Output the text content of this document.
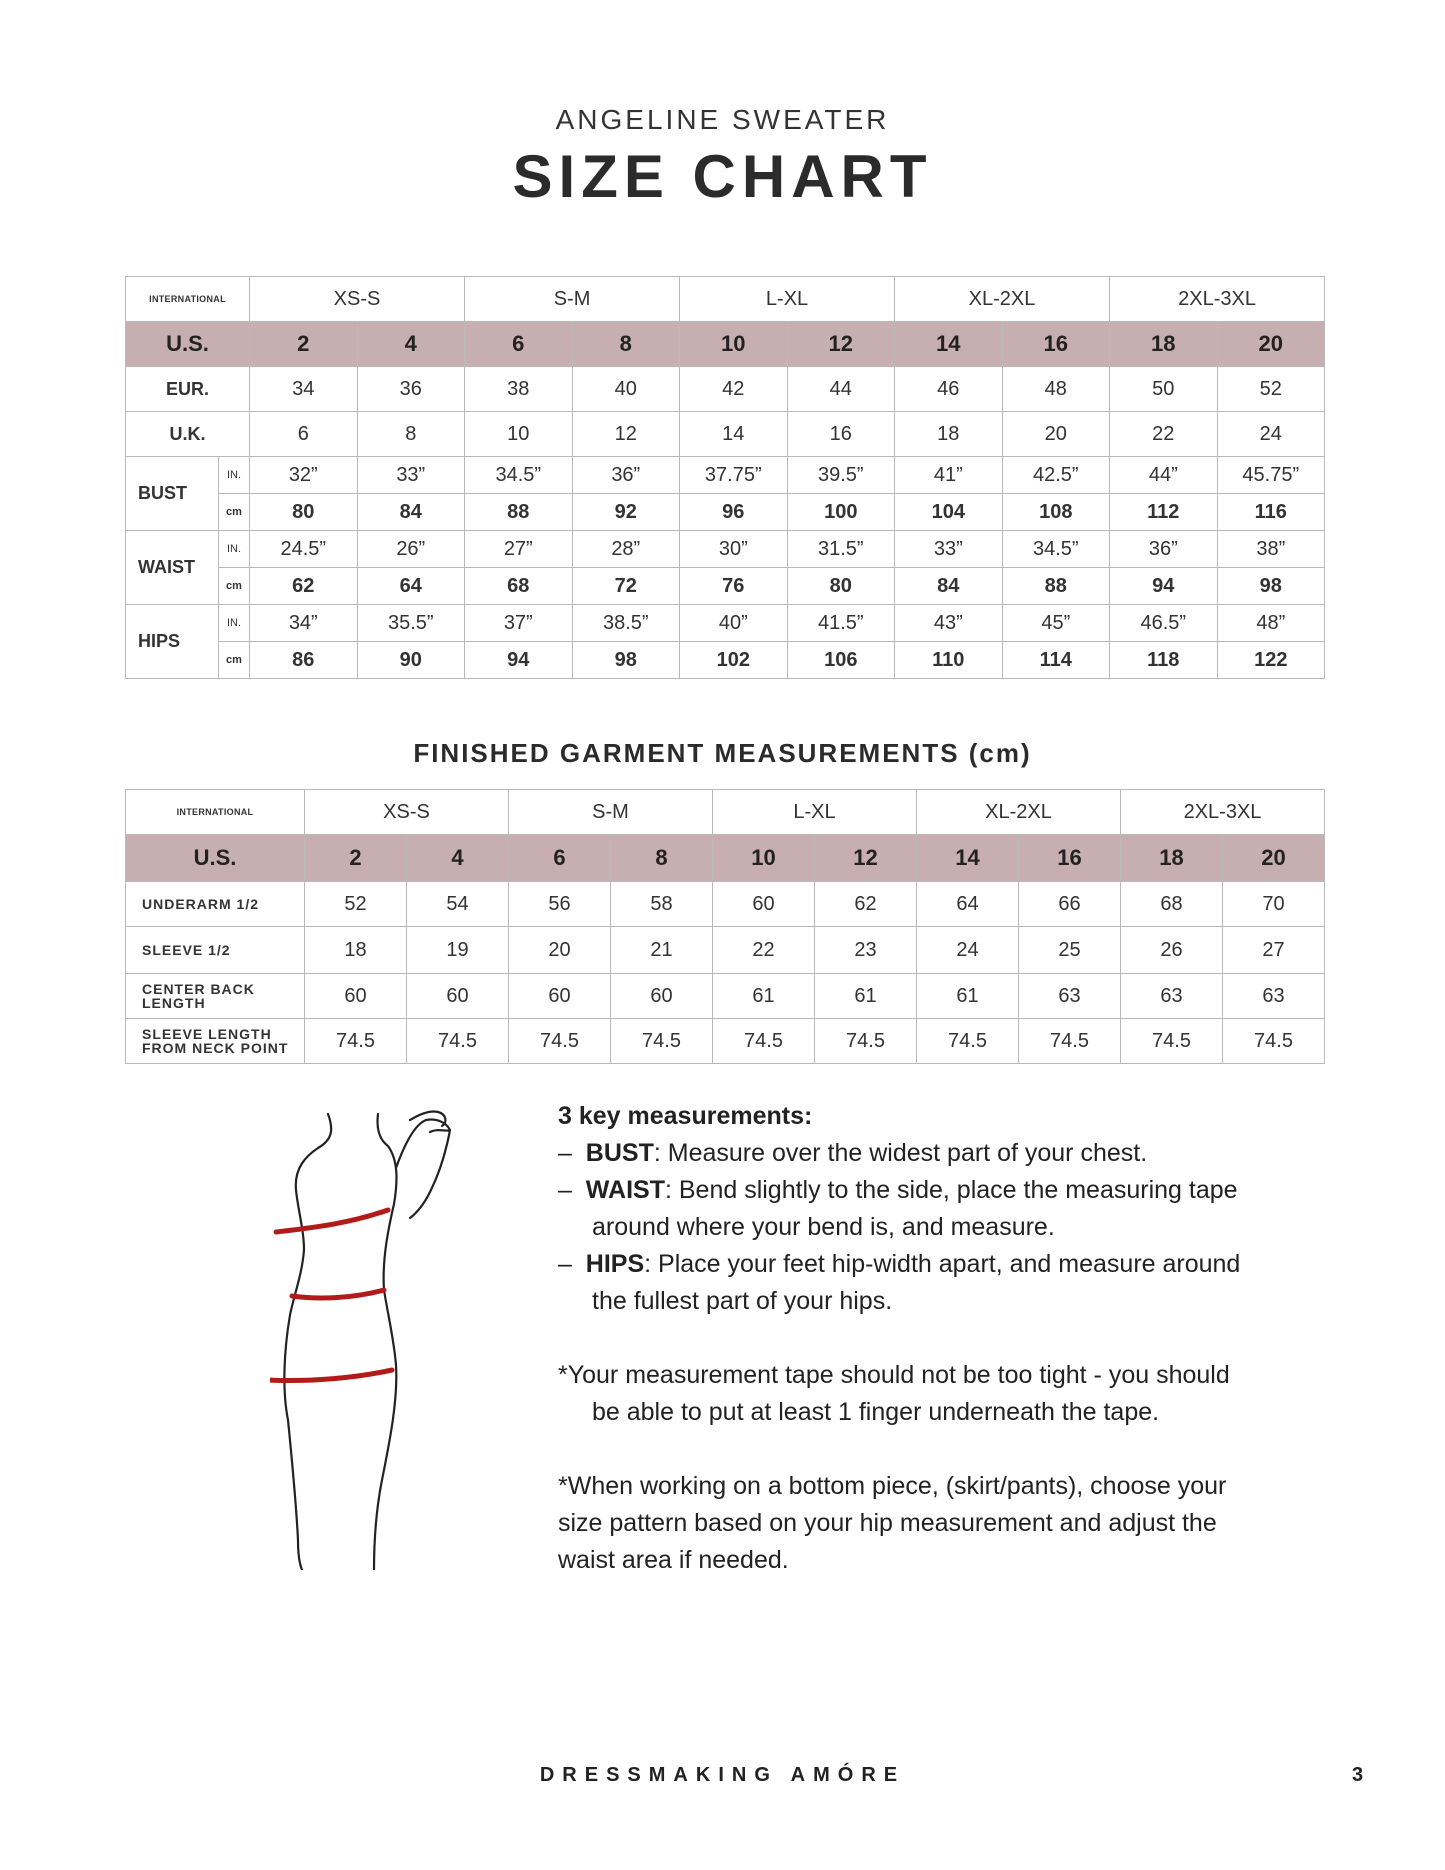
ANGELINE SWEATER
SIZE CHART
INTERNATIONAL		XS-S		S-M		L-XL		XL-2XL		2XL-3XL	
U.S.		2	4	6	8	10	12	14	16	18	20
EUR.		34	36	38	40	42	44	46	48	50	52
U.K.		6	8	10	12	14	16	18	20	22	24
BUST	IN.	32”	33”	34.5”	36”	37.75”	39.5”	41”	42.5”	44”	45.75”
	cm	80	84	88	92	96	100	104	108	112	116
WAIST	IN.	24.5”	26”	27”	28”	30”	31.5”	33”	34.5”	36”	38”
	cm	62	64	68	72	76	80	84	88	94	98
HIPS	IN.	34”	35.5”	37”	38.5”	40”	41.5”	43”	45”	46.5”	48”
	cm	86	90	94	98	102	106	110	114	118	122
FINISHED GARMENT MEASUREMENTS (cm)
INTERNATIONAL	XS-S		S-M		L-XL		XL-2XL		2XL-3XL	
U.S.	2	4	6	8	10	12	14	16	18	20
UNDERARM 1/2	52	54	56	58	60	62	64	66	68	70
SLEEVE 1/2	18	19	20	21	22	23	24	25	26	27
CENTER BACK
LENGTH	60	60	60	60	61	61	61	63	63	63
SLEEVE LENGTH
FROM NECK POINT	74.5	74.5	74.5	74.5	74.5	74.5	74.5	74.5	74.5	74.5

3 key measurements:

–  BUST: Measure over the widest part of your chest.

–  WAIST: Bend slightly to the side, place the measuring tape

around where your bend is, and measure.

–  HIPS: Place your feet hip-width apart, and measure around

the fullest part of your hips.

*Your measurement tape should not be too tight - you should

be able to put at least 1 finger underneath the tape.

*When working on a bottom piece, (skirt/pants), choose your

size pattern based on your hip measurement and adjust the

waist area if needed.

DRESSMAKING AMÓRE	3
